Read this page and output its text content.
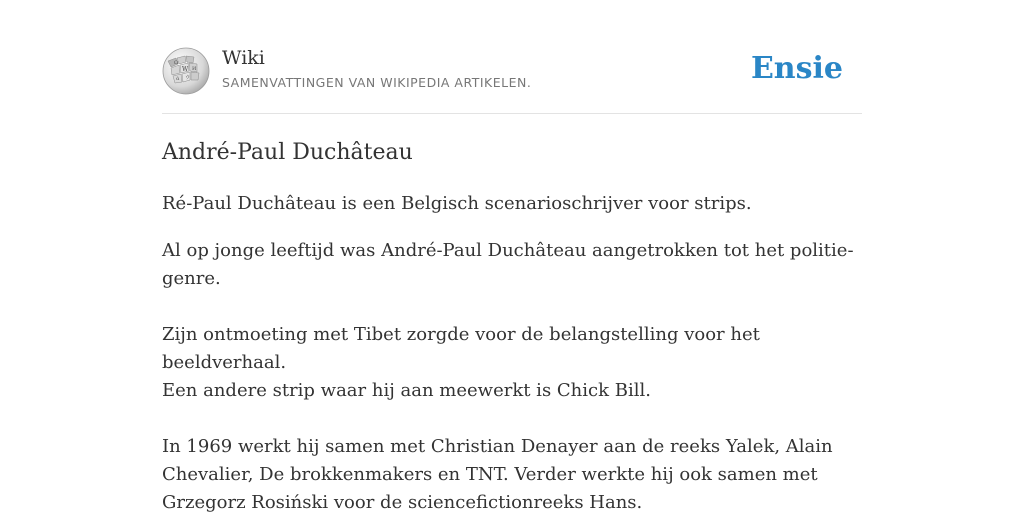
Ω
W И
ά ウ
Wiki
SAMENVATTINGEN VAN WIKIPEDIA ARTIKELEN.	Ensie
André-Paul Duchâteau

Ré-Paul Duchâteau is een Belgisch scenarioschrijver voor strips.

Al op jonge leeftijd was André-Paul Duchâteau aangetrokken tot het politie-genre.

Zijn ontmoeting met Tibet zorgde voor de belangstelling voor het beeldverhaal.

Een andere strip waar hij aan meewerkt is Chick Bill.

In 1969 werkt hij samen met Christian Denayer aan de reeks Yalek, Alain Chevalier, De brokkenmakers en TNT. Verder werkte hij ook samen met Grzegorz Rosiński voor de sciencefictionreeks Hans.
